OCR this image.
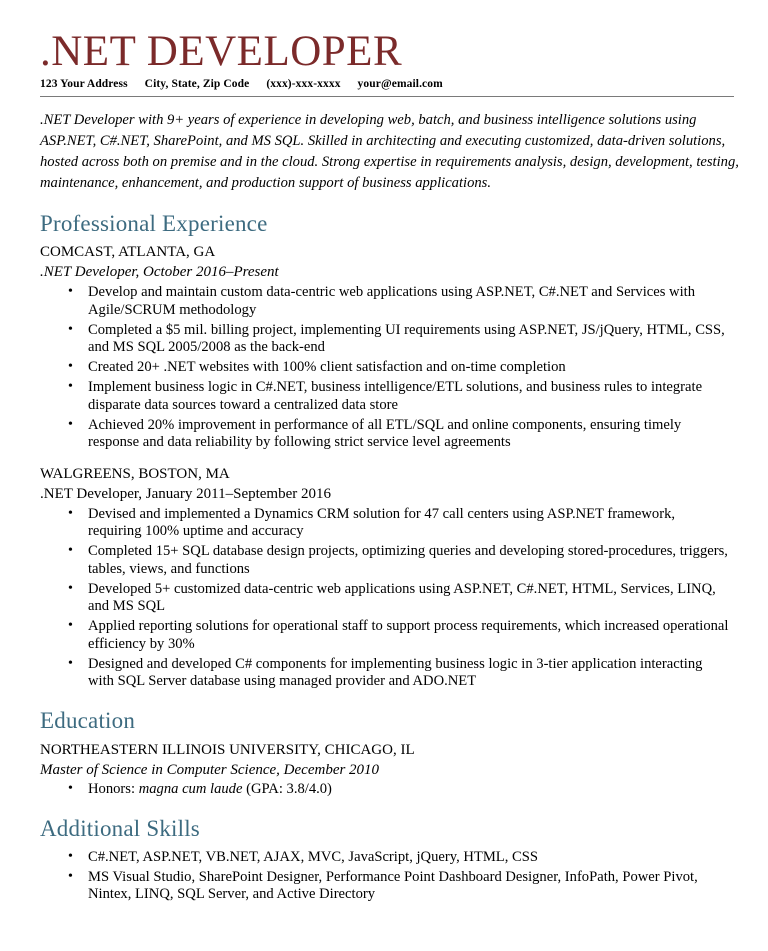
.NET DEVELOPER
123 Your Address City, State, Zip Code (xxx)-xxx-xxxx your@email.com

.NET Developer with 9+ years of experience in developing web, batch, and business intelligence solutions using ASP.NET, C#.NET, SharePoint, and MS SQL. Skilled in architecting and executing customized, data-driven solutions, hosted across both on premise and in the cloud. Strong expertise in requirements analysis, design, development, testing, maintenance, enhancement, and production support of business applications.

Professional Experience
COMCAST, ATLANTA, GA
.NET Developer, October 2016–Present
• Develop and maintain custom data-centric web applications using ASP.NET, C#.NET and Services with Agile/SCRUM methodology
• Completed a $5 mil. billing project, implementing UI requirements using ASP.NET, JS/jQuery, HTML, CSS, and MS SQL 2005/2008 as the back-end
• Created 20+ .NET websites with 100% client satisfaction and on-time completion
• Implement business logic in C#.NET, business intelligence/ETL solutions, and business rules to integrate disparate data sources toward a centralized data store
• Achieved 20% improvement in performance of all ETL/SQL and online components, ensuring timely response and data reliability by following strict service level agreements
WALGREENS, BOSTON, MA
.NET Developer, January 2011–September 2016
• Devised and implemented a Dynamics CRM solution for 47 call centers using ASP.NET framework, requiring 100% uptime and accuracy
• Completed 15+ SQL database design projects, optimizing queries and developing stored-procedures, triggers, tables, views, and functions
• Developed 5+ customized data-centric web applications using ASP.NET, C#.NET, HTML, Services, LINQ, and MS SQL
• Applied reporting solutions for operational staff to support process requirements, which increased operational efficiency by 30%
• Designed and developed C# components for implementing business logic in 3-tier application interacting with SQL Server database using managed provider and ADO.NET
Education
NORTHEASTERN ILLINOIS UNIVERSITY, CHICAGO, IL
Master of Science in Computer Science, December 2010
• Honors: magna cum laude (GPA: 3.8/4.0)
Additional Skills
• C#.NET, ASP.NET, VB.NET, AJAX, MVC, JavaScript, jQuery, HTML, CSS
• MS Visual Studio, SharePoint Designer, Performance Point Dashboard Designer, InfoPath, Power Pivot, Nintex, LINQ, SQL Server, and Active Directory
